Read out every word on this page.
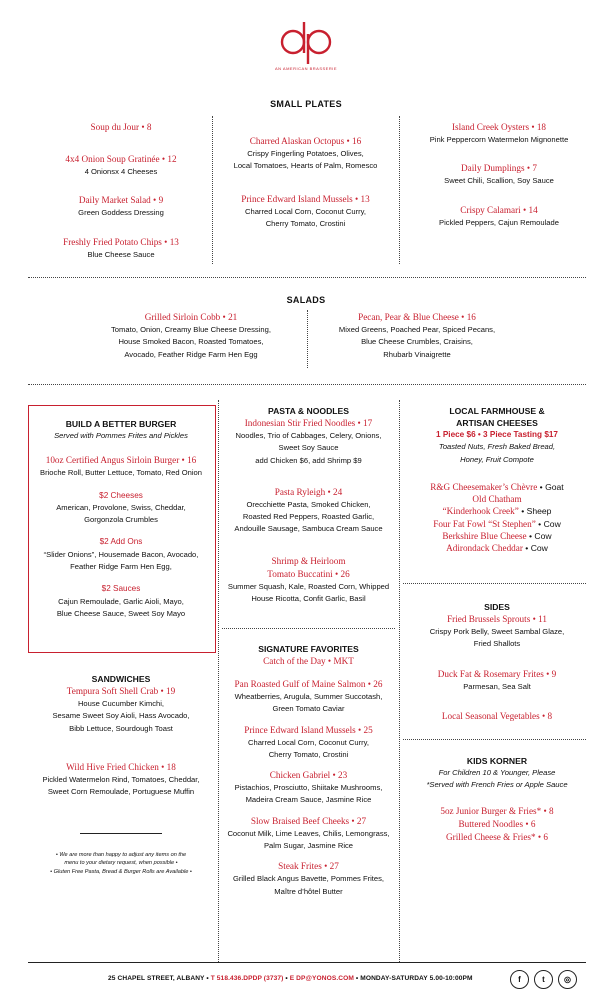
AN AMERICAN BRASSERIE
SMALL PLATES
Soup du Jour • 8
4x4 Onion Soup Gratinée • 12
4 Onionsx 4 Cheeses
Daily Market Salad • 9
Green Goddess Dressing
Freshly Fried Potato Chips • 13
Blue Cheese Sauce
Charred Alaskan Octopus • 16
Crispy Fingerling Potatoes, Olives,
Local Tomatoes, Hearts of Palm, Romesco
Prince Edward Island Mussels • 13
Charred Local Corn, Coconut Curry,
Cherry Tomato, Crostini
Island Creek Oysters • 18
Pink Peppercorn Watermelon Mignonette
Daily Dumplings • 7
Sweet Chili, Scallion, Soy Sauce
Crispy Calamari • 14
Pickled Peppers, Cajun Remoulade
SALADS
Grilled Sirloin Cobb • 21
Tomato, Onion, Creamy Blue Cheese Dressing,
House Smoked Bacon, Roasted Tomatoes,
Avocado, Feather Ridge Farm Hen Egg
Pecan, Pear & Blue Cheese • 16
Mixed Greens, Poached Pear, Spiced Pecans,
Blue Cheese Crumbles, Craisins,
Rhubarb Vinaigrette
BUILD A BETTER BURGER
Served with Pommes Frites and Pickles
10oz Certified Angus Sirloin Burger • 16
Brioche Roll, Butter Lettuce, Tomato, Red Onion
$2 Cheeses
American, Provolone, Swiss, Cheddar,
Gorgonzola Crumbles
$2 Add Ons
“Slider Onions”, Housemade Bacon, Avocado,
Feather Ridge Farm Hen Egg,
$2 Sauces
Cajun Remoulade, Garlic Aioli, Mayo,
Blue Cheese Sauce, Sweet Soy Mayo
SANDWICHES
Tempura Soft Shell Crab • 19
House Cucumber Kimchi,
Sesame Sweet Soy Aioli, Hass Avocado,
Bibb Lettuce, Sourdough Toast
Wild Hive Fried Chicken • 18
Pickled Watermelon Rind, Tomatoes, Cheddar,
Sweet Corn Remoulade, Portuguese Muffin
• We are more than happy to adjust any items on the
menu to your dietary request, when possible •
• Gluten Free Pasta, Bread & Burger Rolls are Available •
PASTA & NOODLES
Indonesian Stir Fried Noodles • 17
Noodles, Trio of Cabbages, Celery, Onions,
Sweet Soy Sauce
add Chicken $6, add Shrimp $9
Pasta Ryleigh • 24
Orecchiette Pasta, Smoked Chicken,
Roasted Red Peppers, Roasted Garlic,
Andouille Sausage, Sambuca Cream Sauce
Shrimp & Heirloom
Tomato Buccatini • 26
Summer Squash, Kale, Roasted Corn, Whipped
House Ricotta, Confit Garlic, Basil
SIGNATURE FAVORITES
Catch of the Day • MKT
Pan Roasted Gulf of Maine Salmon • 26
Wheatberries, Arugula, Summer Succotash,
Green Tomato Caviar
Prince Edward Island Mussels • 25
Charred Local Corn, Coconut Curry,
Cherry Tomato, Crostini
Chicken Gabriel • 23
Pistachios, Prosciutto, Shiitake Mushrooms,
Madeira Cream Sauce, Jasmine Rice
Slow Braised Beef Cheeks • 27
Coconut Milk, Lime Leaves, Chilis, Lemongrass,
Palm Sugar, Jasmine Rice
Steak Frites • 27
Grilled Black Angus Bavette, Pommes Frites,
Maître d’hôtel Butter
LOCAL FARMHOUSE &
ARTISAN CHEESES
1 Piece $6 • 3 Piece Tasting $17
Toasted Nuts, Fresh Baked Bread,
Honey, Fruit Compote
R&G Cheesemaker’s Chèvre • Goat
Old Chatham
“Kinderhook Creek” • Sheep
Four Fat Fowl “St Stephen” • Cow
Berkshire Blue Cheese • Cow
Adirondack Cheddar • Cow
SIDES
Fried Brussels Sprouts • 11
Crispy Pork Belly, Sweet Sambal Glaze,
Fried Shallots
Duck Fat & Rosemary Frites • 9
Parmesan, Sea Salt
Local Seasonal Vegetables • 8
KIDS KORNER
For Children 10 & Younger, Please
*Served with French Fries or Apple Sauce
5oz Junior Burger & Fries* • 8
Buttered Noodles • 6
Grilled Cheese & Fries* • 6
25 CHAPEL STREET, ALBANY • T 518.436.DPDP (3737) • E DP@YONOS.COM • MONDAY-SATURDAY 5.00-10:00PM	f	t	◎
